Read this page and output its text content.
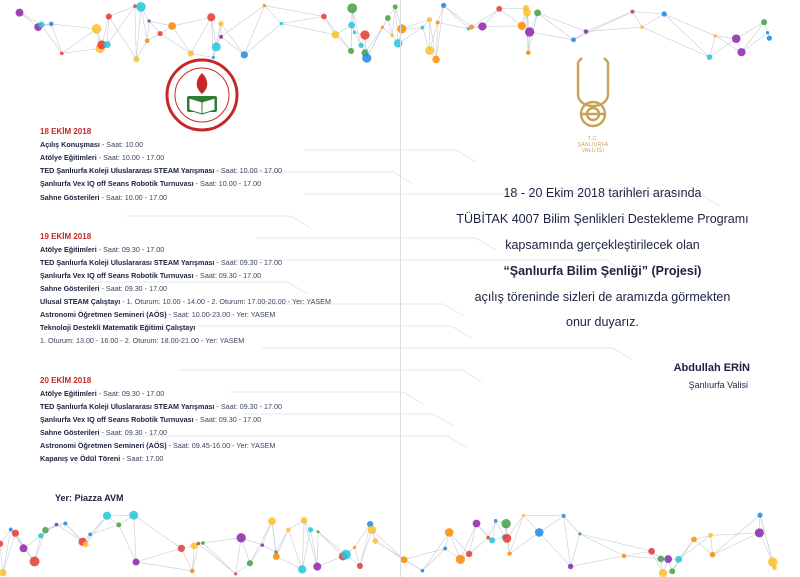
T.C.
ŞANLIURFA
VALİLİĞİ
18 EKİM 2018
Açılış Konuşması - Saat: 10.00
Atölye Eğitimleri - Saat: 10.00 - 17.00
TED Şanlıurfa Koleji Uluslararası STEAM Yarışması - Saat: 10.00 - 17.00
Şanlıurfa Vex IQ off Seans Robotik Turnuvası - Saat: 10.00 - 17.00
Sahne Gösterileri - Saat: 10.00 - 17.00
19 EKİM 2018
Atölye Eğitimleri - Saat: 09.30 - 17.00
TED Şanlıurfa Koleji Uluslararası STEAM Yarışması - Saat: 09.30 - 17.00
Şanlıurfa Vex IQ off Seans Robotik Turnuvası - Saat: 09.30 - 17.00
Sahne Gösterileri - Saat: 09.30 - 17.00
Ulusal STEAM Çalıştayı - 1. Oturum: 10.00 - 14.00 - 2. Oturum: 17.00-20.00 - Yer: YASEM
Astronomi Öğretmen Semineri (AÖS) - Saat: 10.00-23.00 - Yer: YASEM
Teknoloji Destekli Matematik Eğitimi Çalıştayı
1. Oturum: 13.00 - 16.00 - 2. Oturum: 18.00-21.00 - Yer: YASEM
20 EKİM 2018
Atölye Eğitimleri - Saat: 09.30 - 17.00
TED Şanlıurfa Koleji Uluslararası STEAM Yarışması - Saat: 09.30 - 17.00
Şanlıurfa Vex IQ off Seans Robotik Turnuvası - Saat: 09.30 - 17.00
Sahne Gösterileri - Saat: 09.30 - 17.00
Astronomi Öğretmen Semineri (AÖS) - Saat: 09.45-16.00 - Yer: YASEM
Kapanış ve Ödül Töreni - Saat: 17.00
Yer: Piazza AVM
18 - 20 Ekim 2018 tarihleri arasında
TÜBİTAK 4007 Bilim Şenlikleri Destekleme Programı
kapsamında gerçekleştirilecek olan
“Şanlıurfa Bilim Şenliği” (Projesi)
açılış töreninde sizleri de aramızda görmekten
onur duyarız.
Abdullah ERİN
Şanlıurfa Valisi
